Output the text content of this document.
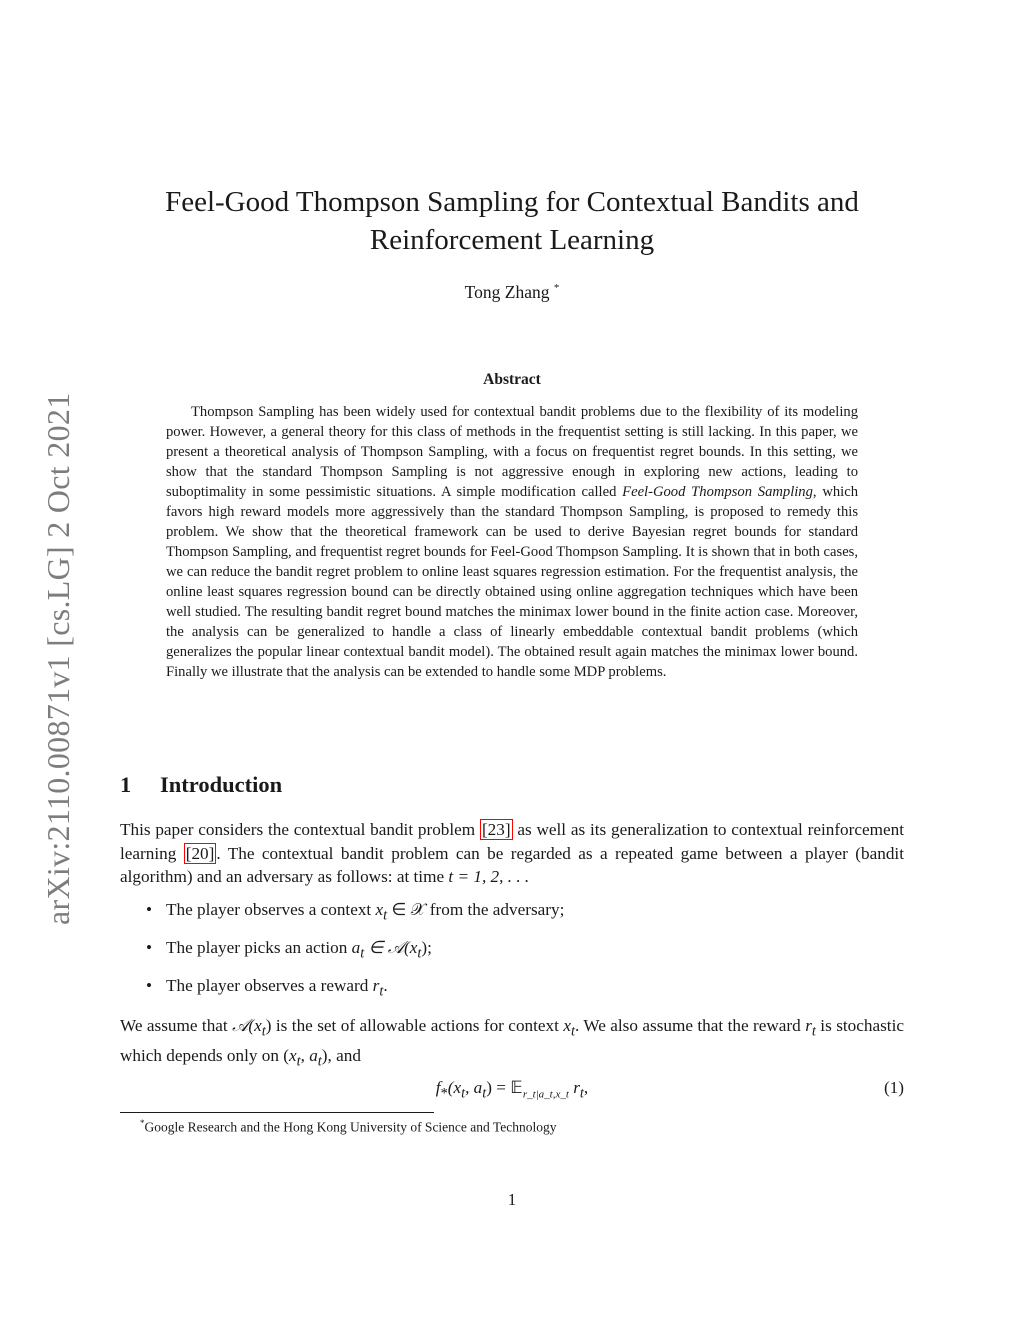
arXiv:2110.00871v1 [cs.LG] 2 Oct 2021
Feel-Good Thompson Sampling for Contextual Bandits and
Reinforcement Learning
Tong Zhang *
Abstract
Thompson Sampling has been widely used for contextual bandit problems due to the flexibility of its modeling power. However, a general theory for this class of methods in the frequentist setting is still lacking. In this paper, we present a theoretical analysis of Thompson Sampling, with a focus on frequentist regret bounds. In this setting, we show that the standard Thompson Sampling is not aggressive enough in exploring new actions, leading to suboptimality in some pessimistic situations. A simple modification called Feel-Good Thompson Sampling, which favors high reward models more aggressively than the standard Thompson Sampling, is proposed to remedy this problem. We show that the theoretical framework can be used to derive Bayesian regret bounds for standard Thompson Sampling, and frequentist regret bounds for Feel-Good Thompson Sampling. It is shown that in both cases, we can reduce the bandit regret problem to online least squares regression estimation. For the frequentist analysis, the online least squares regression bound can be directly obtained using online aggregation techniques which have been well studied. The resulting bandit regret bound matches the minimax lower bound in the finite action case. Moreover, the analysis can be generalized to handle a class of linearly embeddable contextual bandit problems (which generalizes the popular linear contextual bandit model). The obtained result again matches the minimax lower bound. Finally we illustrate that the analysis can be extended to handle some MDP problems.
1 Introduction
This paper considers the contextual bandit problem [23] as well as its generalization to contextual reinforcement learning [20] . The contextual bandit problem can be regarded as a repeated game between a player (bandit algorithm) and an adversary as follows: at time t = 1, 2, . . .
• The player observes a context $x_t$ ∈ 𝒳 from the adversary;
• The player picks an action $a_t$ ∈ $𝒜(x_t)$;
• The player observes a reward $r_t$.
We assume that $𝒜(x_t)$ is the set of allowable actions for context $x_t$. We also assume that the reward $r_t$ is stochastic which depends only on ($x_t$, $a_t$), and
$f_*(x_t$, $a_t$) = 𝔼$_{r\_t|a\_t,x\_t}$ $r_t$,	(1)
*Google Research and the Hong Kong University of Science and Technology
1
